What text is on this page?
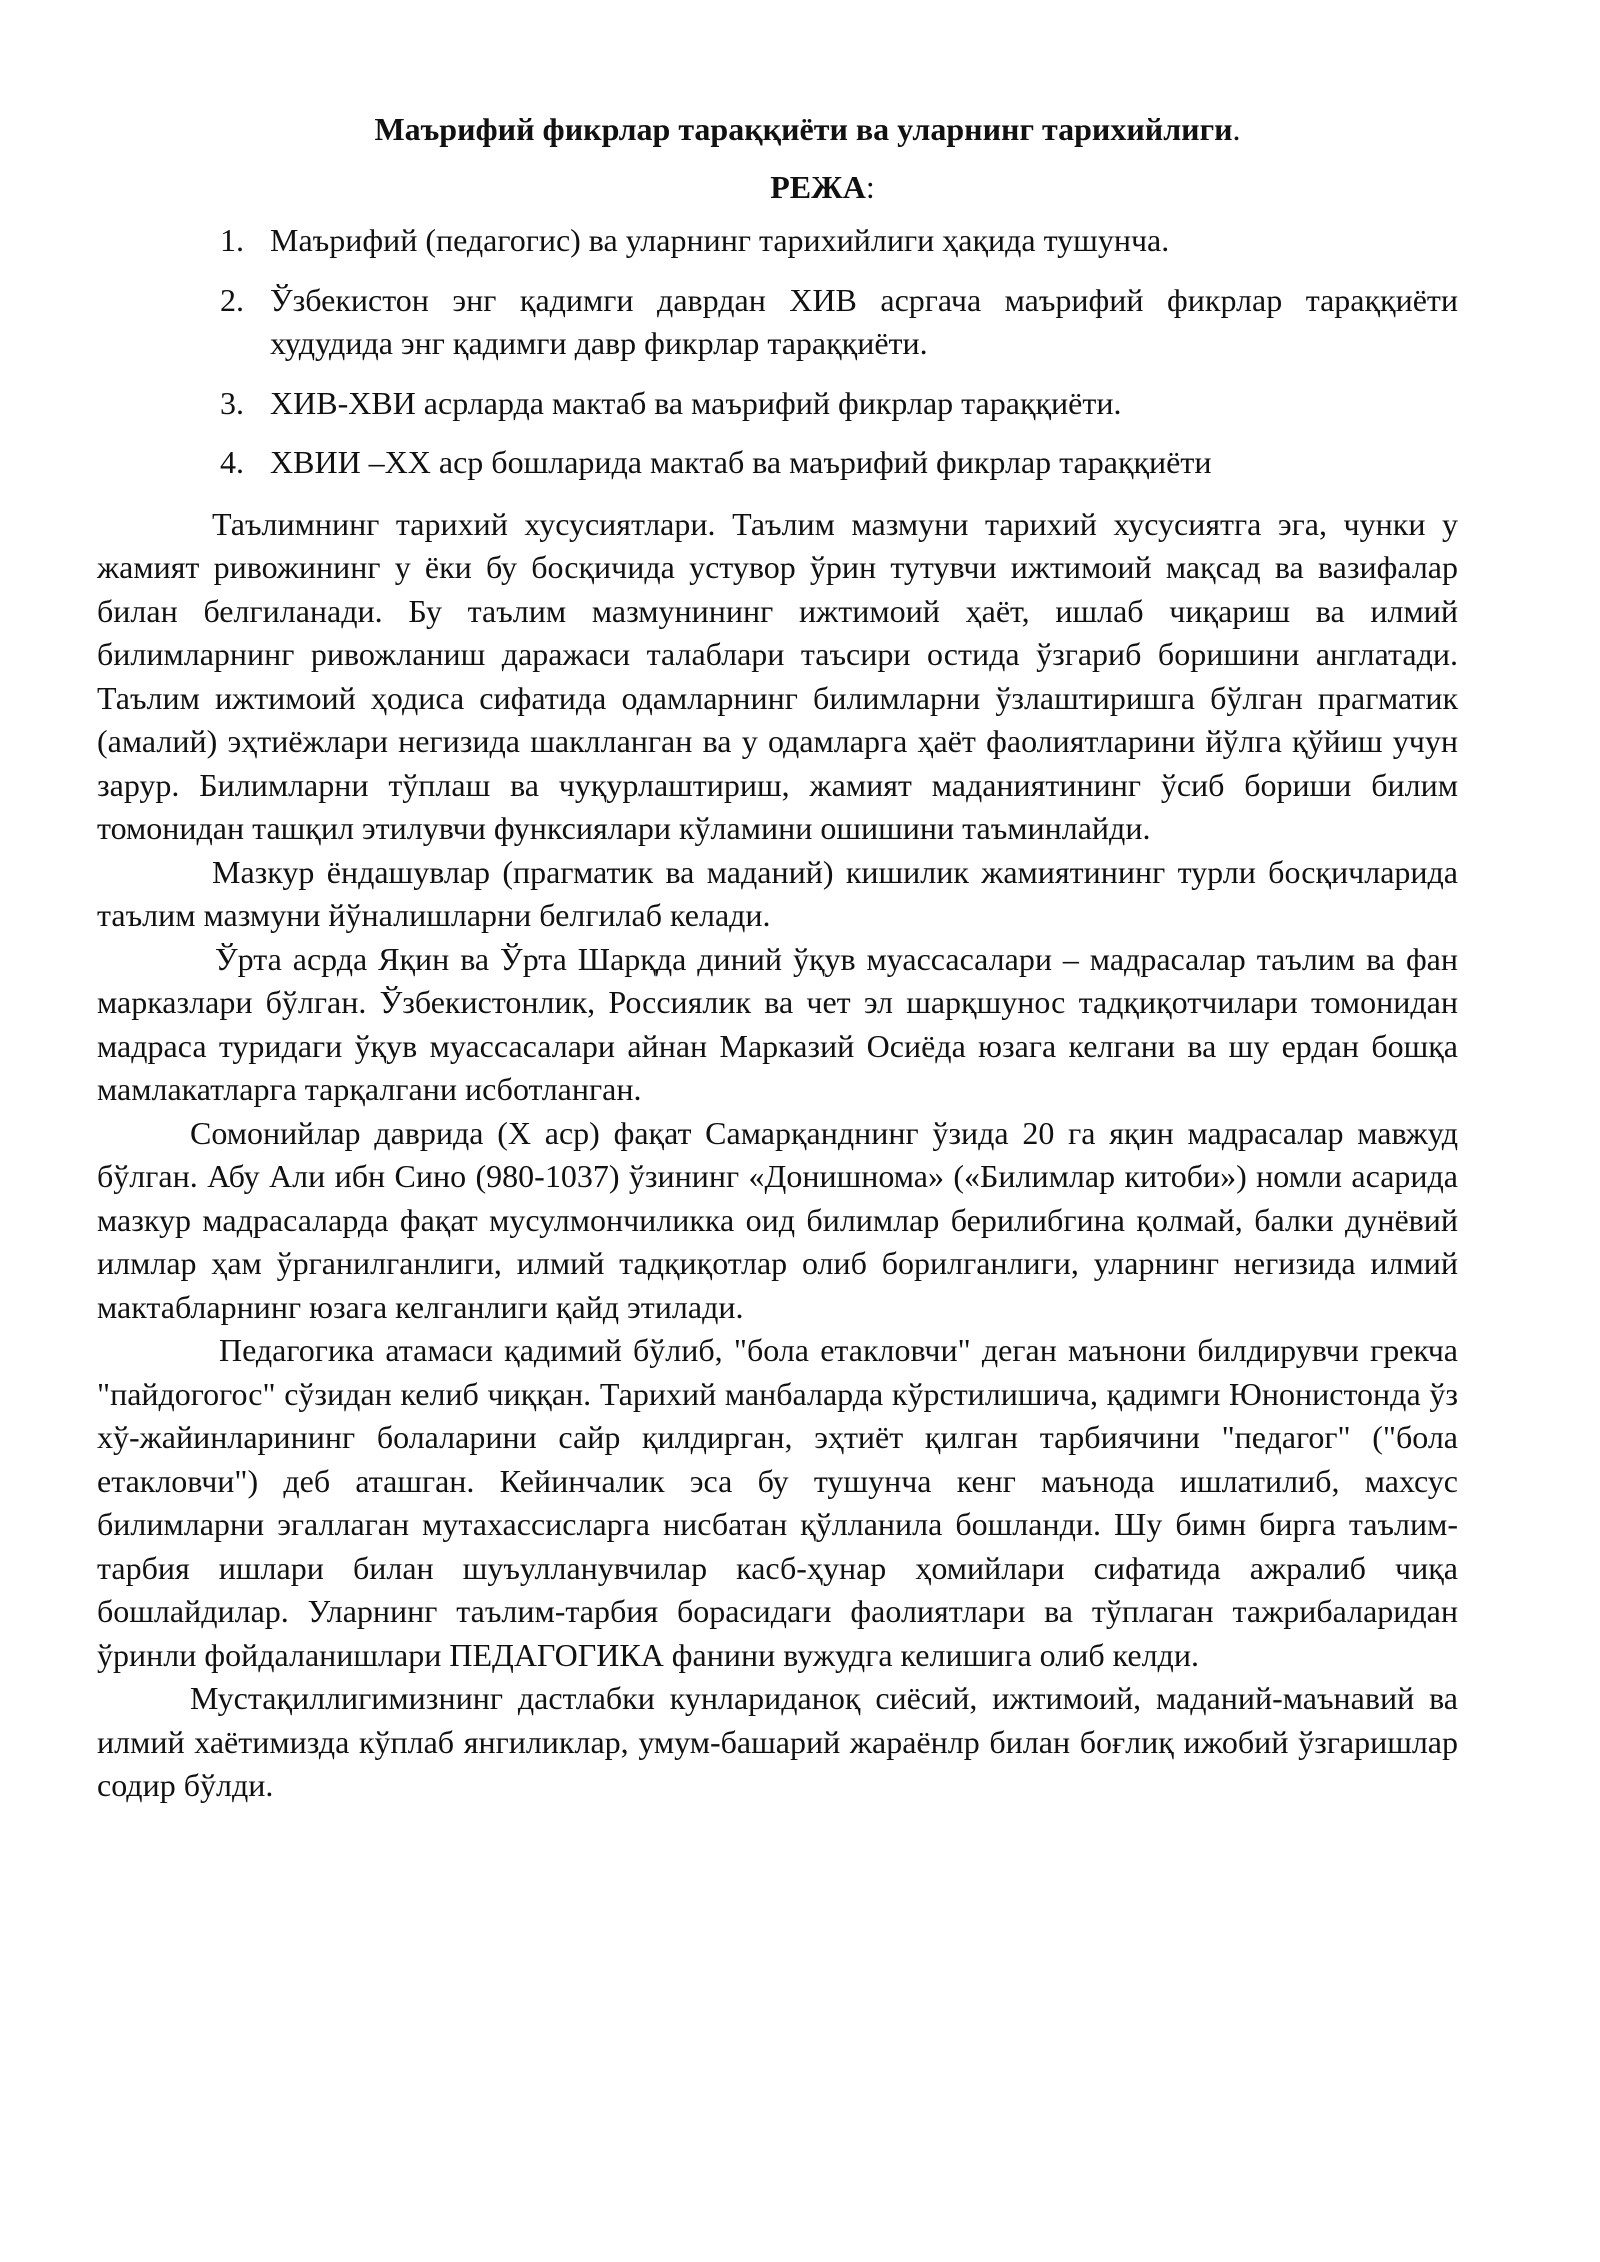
Маърифий фикрлар тараққиёти ва уларнинг тарихийлиги.
РЕЖА:
1. Маърифий (педагогис) ва уларнинг тарихийлиги ҳақида тушунча.
2. Ўзбекистон энг қадимги даврдан ХИВ асргача маърифий фикрлар тараққиёти худудида энг қадимги давр фикрлар тараққиёти.
3. ХИВ-ХВИ асрларда мактаб ва маърифий фикрлар тараққиёти.
4. ХВИИ –ХХ аср бошларида мактаб ва маърифий фикрлар тараққиёти

Таълимнинг тарихий хусусиятлари. Таълим мазмуни тарихий хусусиятга эга, чунки у жамият ривожининг у ёки бу босқичида устувор ўрин тутувчи ижтимоий мақсад ва вазифалар билан белгиланади. Бу таълим мазмунининг ижтимоий ҳаёт, ишлаб чиқариш ва илмий билимларнинг ривожланиш даражаси талаблари таъсири остида ўзгариб боришини англатади. Таълим ижтимоий ҳодиса сифатида одамларнинг билимларни ўзлаштиришга бўлган прагматик (амалий) эҳтиёжлари негизида шаклланган ва у одамларга ҳаёт фаолиятларини йўлга қўйиш учун зарур. Билимларни тўплаш ва чуқурлаштириш, жамият маданиятининг ўсиб бориши билим томонидан ташқил этилувчи функсиялари кўламини ошишини таъминлайди.

Мазкур ёндашувлар (прагматик ва маданий) кишилик жамиятининг турли босқичларида таълим мазмуни йўналишларни белгилаб келади.

Ўрта асрда Яқин ва Ўрта Шарқда диний ўқув муассасалари – мадрасалар таълим ва фан марказлари бўлган. Ўзбекистонлик, Россиялик ва чет эл шарқшунос тадқиқотчилари томонидан мадраса туридаги ўқув муассасалари айнан Марказий Осиёда юзага келгани ва шу ердан бошқа мамлакатларга тарқалгани исботланган.

Сомонийлар даврида (Х аср) фақат Самарқанднинг ўзида 20 га яқин мадрасалар мавжуд бўлган. Абу Али ибн Сино (980-1037) ўзининг «Донишнома» («Билимлар китоби») номли асарида мазкур мадрасаларда фақат мусулмончиликка оид билимлар берилибгина қолмай, балки дунёвий илмлар ҳам ўрганилганлиги, илмий тадқиқотлар олиб борилганлиги, уларнинг негизида илмий мактабларнинг юзага келганлиги қайд этилади.

Педагогика атамаси қадимий бўлиб, "бола етакловчи" деган маънони билдирувчи грекча "пайдогогос" сўзидан келиб чиққан. Тарихий манбаларда кўрстилишича, қадимги Юнонистонда ўз хў-жайинларининг болаларини сайр қилдирган, эҳтиёт қилган тарбиячини "педагог" ("бола етакловчи") деб аташган. Кейинчалик эса бу тушунча кенг маънода ишлатилиб, махсус билимларни эгаллаган мутахассисларга нисбатан қўлланила бошланди. Шу бимн бирга таълим-тарбия ишлари билан шуъулланувчилар касб-ҳунар ҳомийлари сифатида ажралиб чиқа бошлайдилар. Уларнинг таълим-тарбия борасидаги фаолиятлари ва тўплаган тажрибаларидан ўринли фойдаланишлари ПЕДАГОГИКА фанини вужудга келишига олиб келди.

Мустақиллигимизнинг дастлабки кунлариданоқ сиёсий, ижтимоий, маданий-маънавий ва илмий хаётимизда кўплаб янгиликлар, умум-башарий жараёнлр билан боғлиқ ижобий ўзгаришлар содир бўлди.
